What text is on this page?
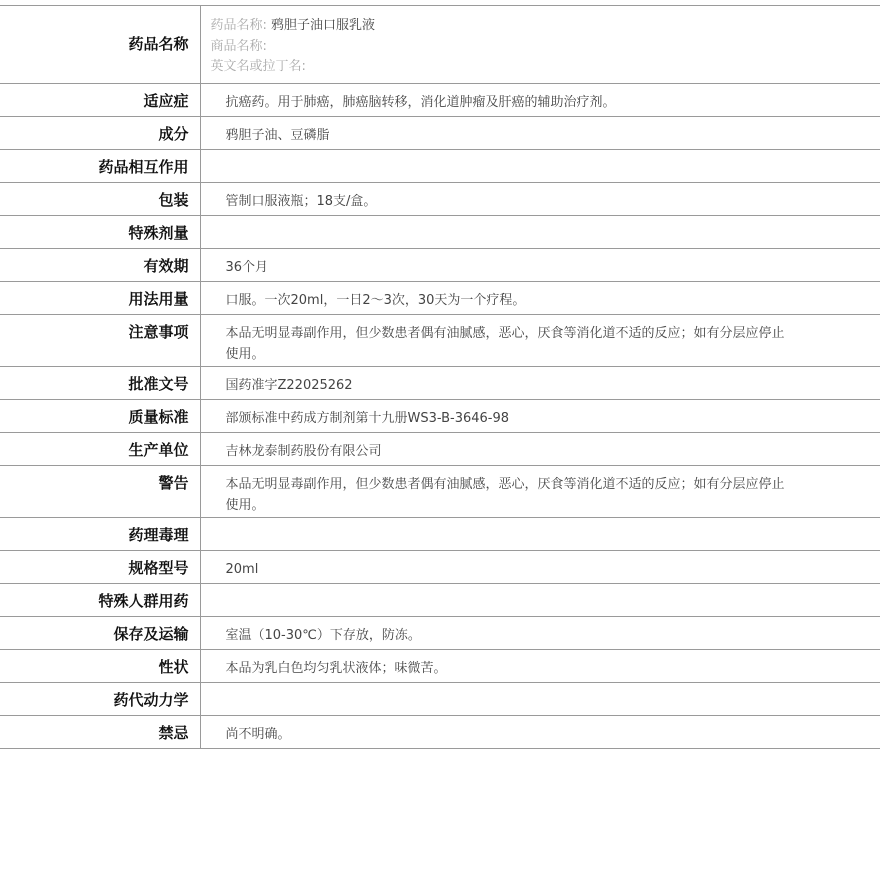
药品名称	药品名称: 鸦胆子油口服乳液
商品名称:
英文名或拉丁名:

适应症	抗癌药。用于肺癌，肺癌脑转移，消化道肿瘤及肝癌的辅助治疗剂。
成分	鸦胆子油、豆磷脂
药品相互作用	
包装	管制口服液瓶；18支/盒。
特殊剂量	
有效期	36个月
用法用量	口服。一次20ml，一日2～3次，30天为一个疗程。
注意事项	本品无明显毒副作用，但少数患者偶有油腻感，恶心，厌食等消化道不适的反应；如有分层应停止使用。
批准文号	国药准字Z22025262
质量标准	部颁标准中药成方制剂第十九册WS3-B-3646-98
生产单位	吉林龙泰制药股份有限公司
警告	本品无明显毒副作用，但少数患者偶有油腻感，恶心，厌食等消化道不适的反应；如有分层应停止使用。
药理毒理	
规格型号	20ml
特殊人群用药	
保存及运输	室温（10-30℃）下存放，防冻。
性状	本品为乳白色均匀乳状液体；味微苦。
药代动力学	
禁忌	尚不明确。
